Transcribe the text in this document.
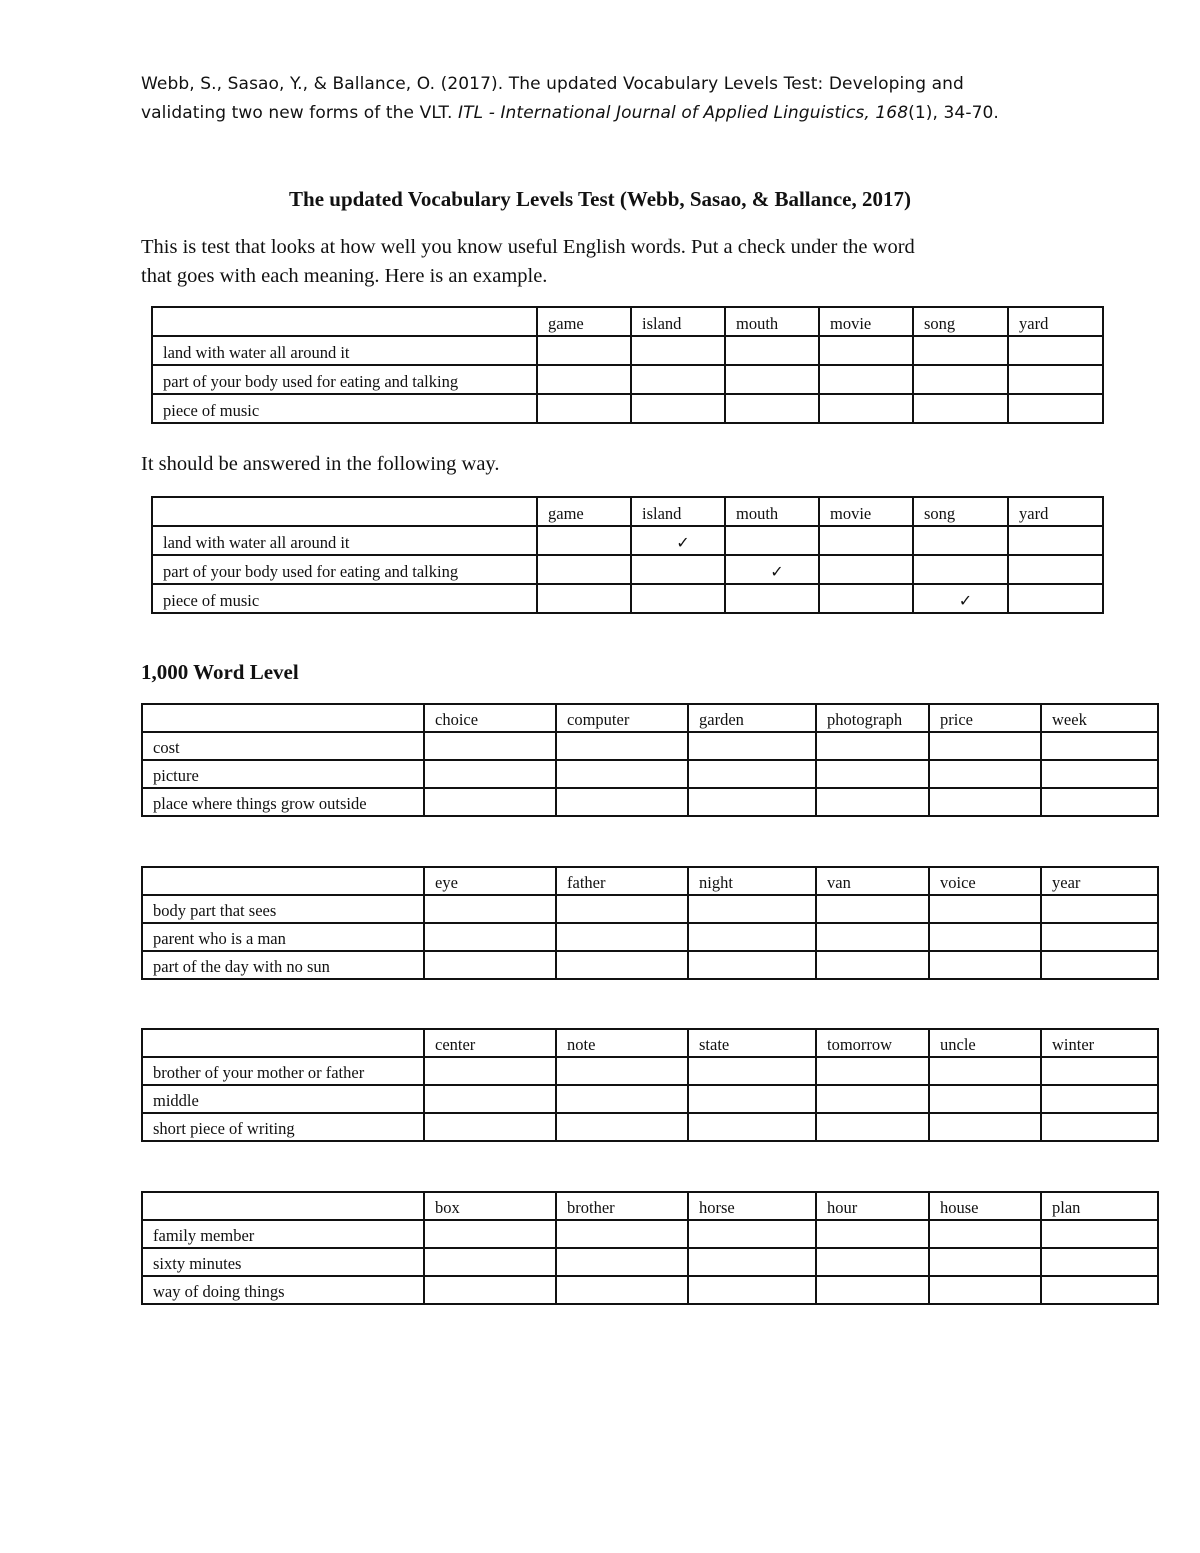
Webb, S., Sasao, Y., & Ballance, O. (2017). The updated Vocabulary Levels Test: Developing and
validating two new forms of the VLT. ITL - International Journal of Applied Linguistics, 168(1), 34-70.
The updated Vocabulary Levels Test (Webb, Sasao, & Ballance, 2017)
This is test that looks at how well you know useful English words. Put a check under the word
that goes with each meaning. Here is an example.
	game	island	mouth	movie	song	yard
land with water all around it						
part of your body used for eating and talking						
piece of music						
It should be answered in the following way.
	game	island	mouth	movie	song	yard
land with water all around it		✓				
part of your body used for eating and talking			✓			
piece of music					✓	
1,000 Word Level
	choice	computer	garden	photograph	price	week
cost						
picture						
place where things grow outside						
	eye	father	night	van	voice	year
body part that sees						
parent who is a man						
part of the day with no sun						
	center	note	state	tomorrow	uncle	winter
brother of your mother or father						
middle						
short piece of writing						
	box	brother	horse	hour	house	plan
family member						
sixty minutes						
way of doing things						
